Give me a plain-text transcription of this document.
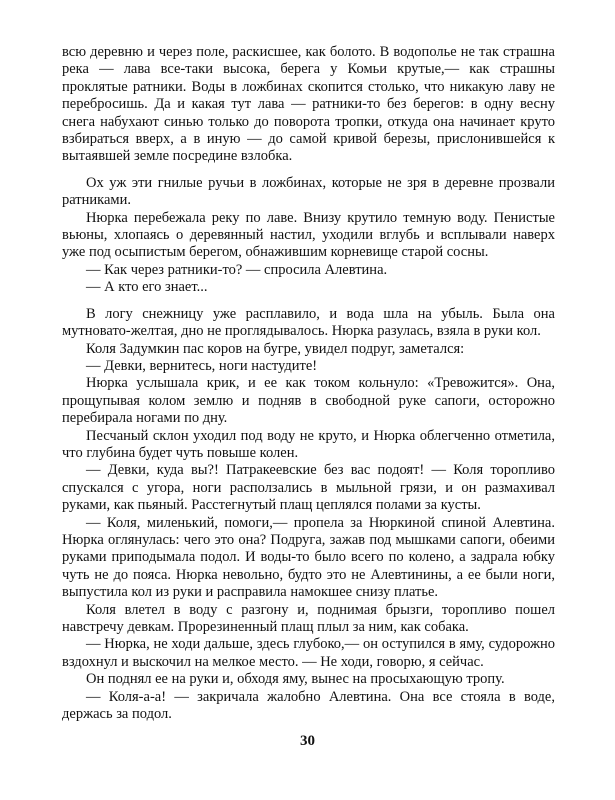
всю деревню и через поле, раскисшее, как болото. В водополье не так страшна река — лава все-таки высока, берега у Комьи крутые,— как страшны проклятые ратники. Воды в ложбинах скопится столько, что никакую лаву не перебросишь. Да и какая тут лава — ратники-то без берегов: в одну весну снега набухают синью только до поворота тропки, откуда она начинает круто взбираться вверх, а в иную — до самой кривой березы, прислонившейся к вытаявшей земле посредине взлобка.

Ох уж эти гнилые ручьи в ложбинах, которые не зря в деревне прозвали ратниками.

Нюрка перебежала реку по лаве. Внизу крутило темную воду. Пенистые вьюны, хлопаясь о деревянный настил, уходили вглубь и всплывали наверх уже под осыпистым берегом, обнажившим корневище старой сосны.

— Как через ратники-то? — спросила Алевтина.

— А кто его знает...

В логу снежницу уже расплавило, и вода шла на убыль. Была она мутновато-желтая, дно не проглядывалось. Нюрка разулась, взяла в руки кол.

Коля Задумкин пас коров на бугре, увидел подруг, заметался:

— Девки, вернитесь, ноги настудите!

Нюрка услышала крик, и ее как током кольнуло: «Тревожится». Она, прощупывая колом землю и подняв в свободной руке сапоги, осторожно перебирала ногами по дну.

Песчаный склон уходил под воду не круто, и Нюрка облегченно отметила, что глубина будет чуть повыше колен.

— Девки, куда вы?! Патракеевские без вас подоят! — Коля торопливо спускался с угора, ноги расползались в мыльной грязи, и он размахивал руками, как пьяный. Расстегнутый плащ цеплялся полами за кусты.

— Коля, миленький, помоги,— пропела за Нюркиной спиной Алевтина. Нюрка оглянулась: чего это она? Подруга, зажав под мышками сапоги, обеими руками приподымала подол. И воды-то было всего по колено, а задрала юбку чуть не до пояса. Нюрка невольно, будто это не Алевтинины, а ее были ноги, выпустила кол из руки и расправила намокшее снизу платье.

Коля влетел в воду с разгону и, поднимая брызги, торопливо пошел навстречу девкам. Прорезиненный плащ плыл за ним, как собака.

— Нюрка, не ходи дальше, здесь глубоко,— он оступился в яму, судорожно вздохнул и выскочил на мелкое место. — Не ходи, говорю, я сейчас.

Он поднял ее на руки и, обходя яму, вынес на просыхающую тропу.

— Коля-а-а! — закричала жалобно Алевтина. Она все стояла в воде, держась за подол.

30
